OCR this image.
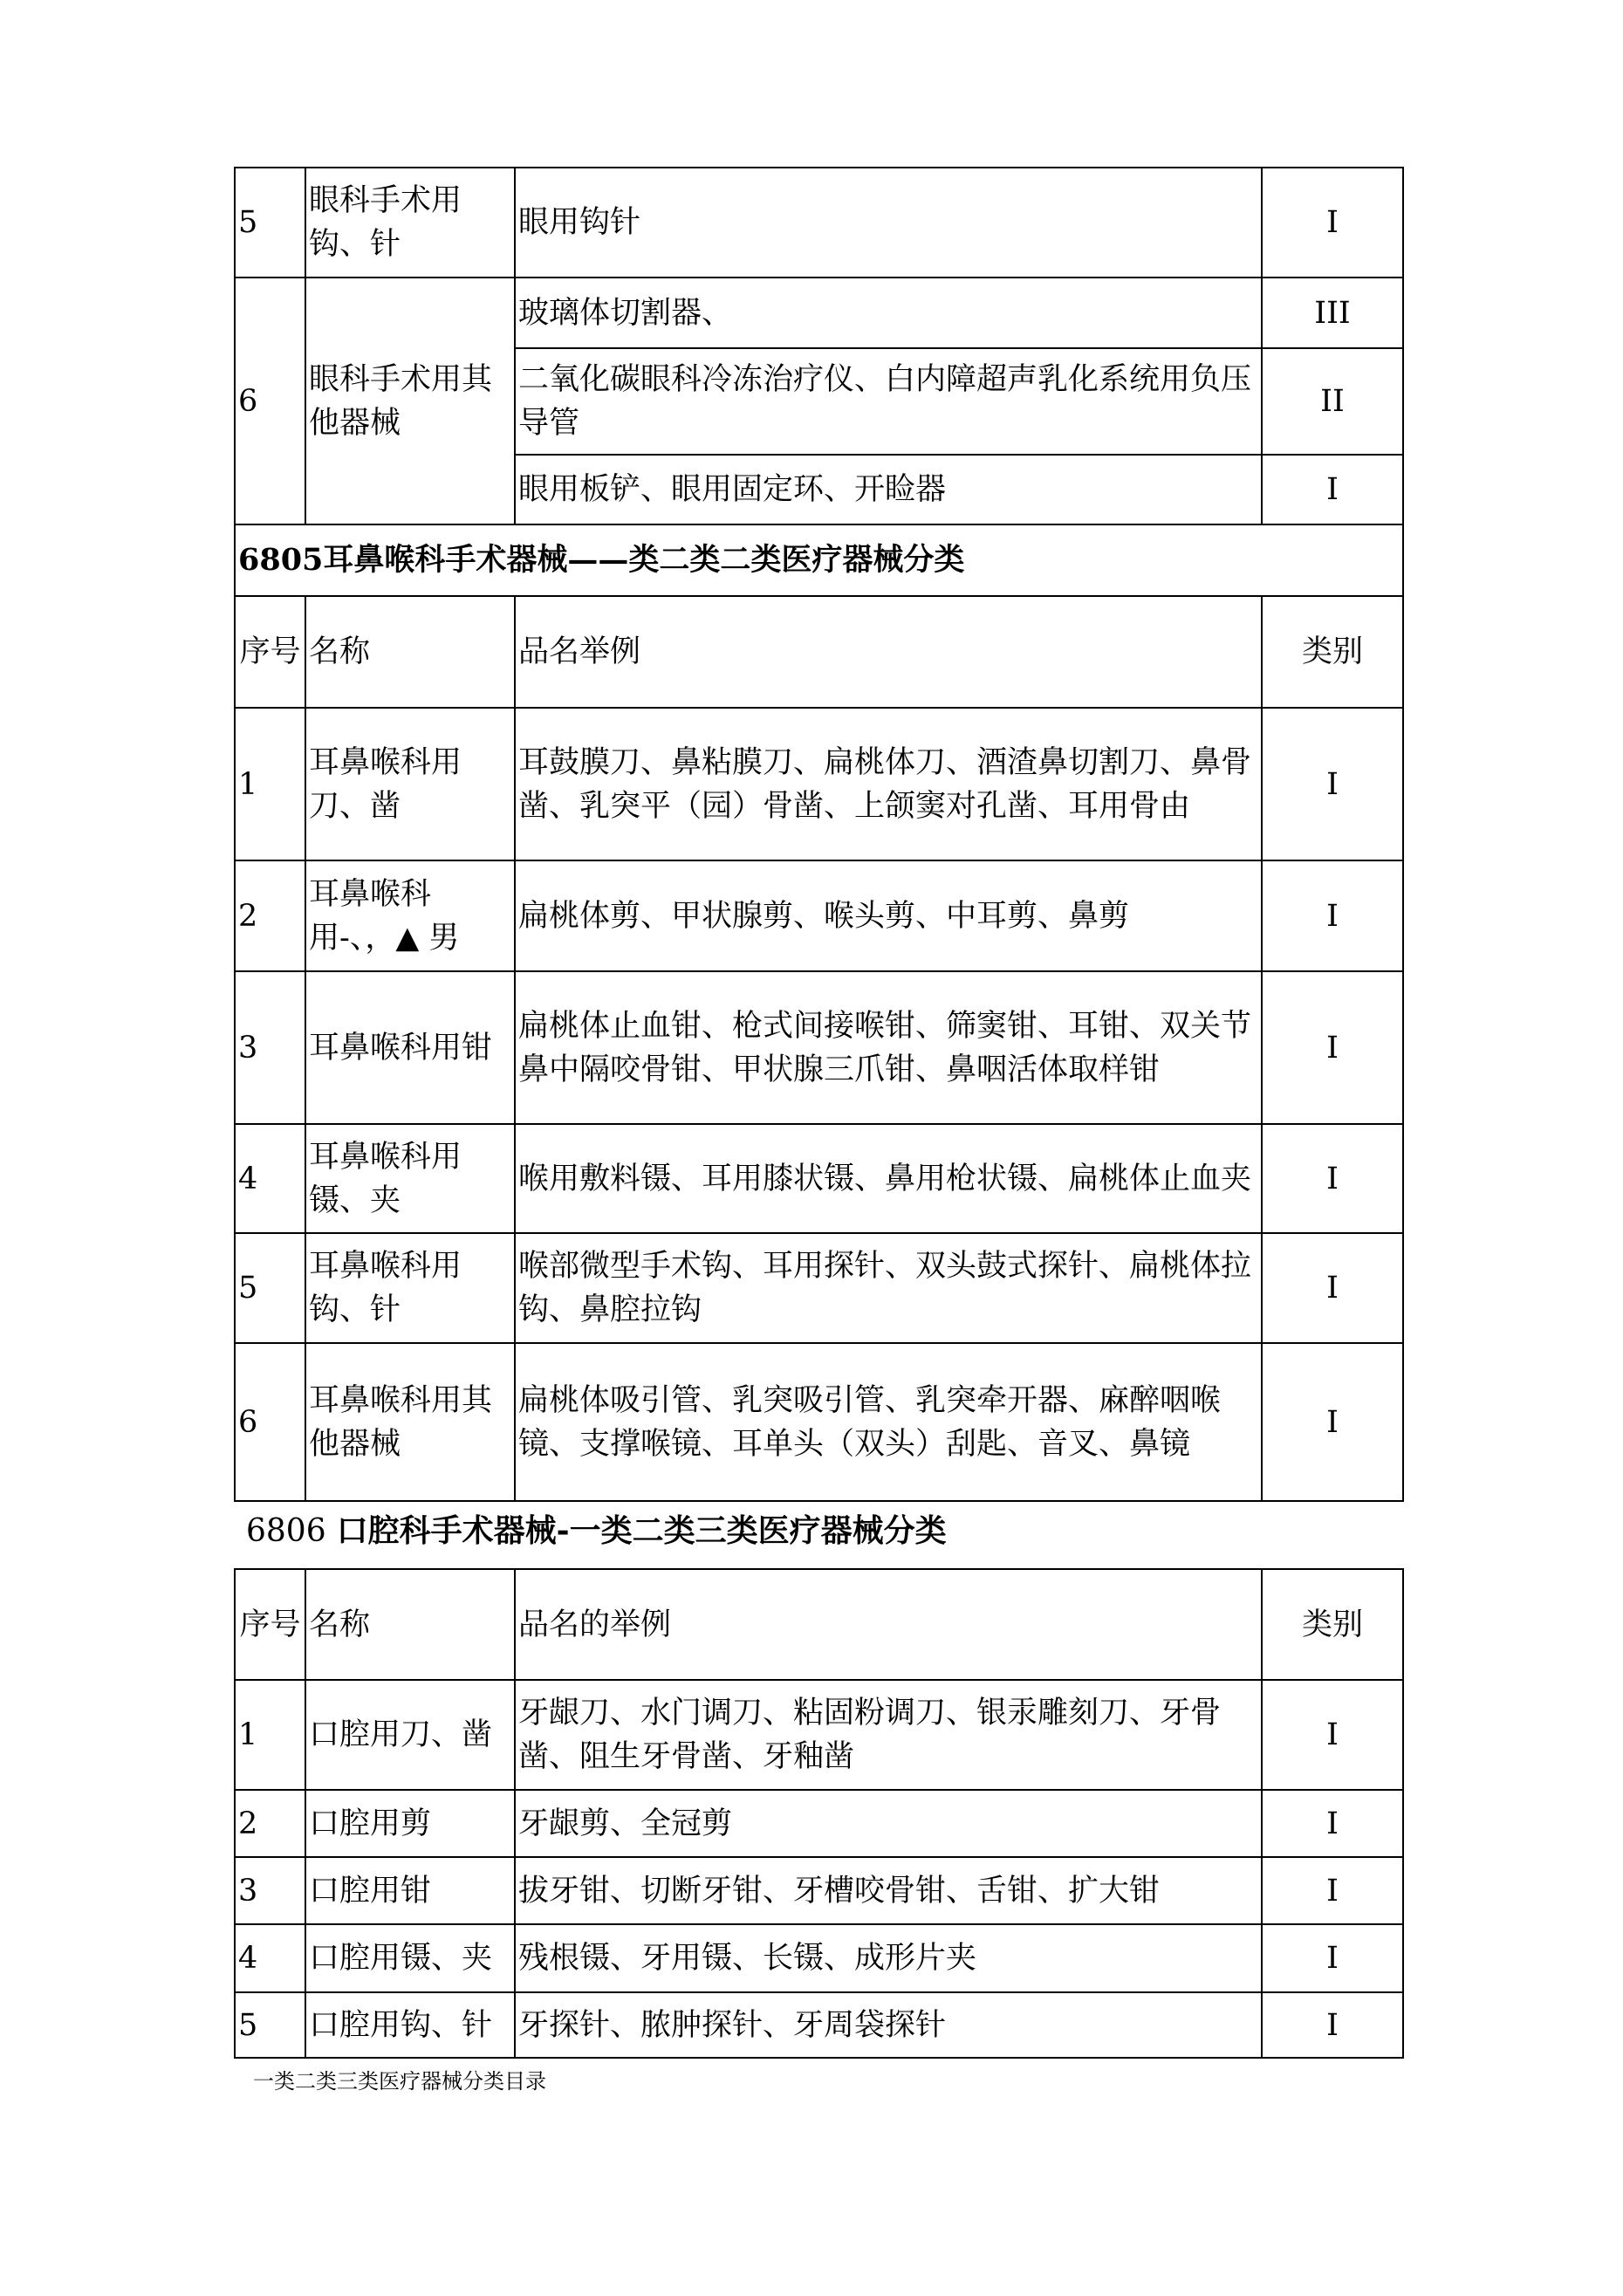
5	眼科手术用钩、针	眼用钩针	I
6	眼科手术用其他器械	玻璃体切割器、	III
		二氧化碳眼科冷冻治疗仪、白内障超声乳化系统用负压导管	II
		眼用板铲、眼用固定环、开睑器	I
6805耳鼻喉科手术器械——类二类二类医疗器械分类			
序号	名称	品名举例	类别
1	耳鼻喉科用刀、凿	耳鼓膜刀、鼻粘膜刀、扁桃体刀、酒渣鼻切割刀、鼻骨凿、乳突平（园）骨凿、上颌窦对孔凿、耳用骨由	I
2	耳鼻喉科用-、，▲ 男	扁桃体剪、甲状腺剪、喉头剪、中耳剪、鼻剪	I
3	耳鼻喉科用钳	扁桃体止血钳、枪式间接喉钳、筛窦钳、耳钳、双关节鼻中隔咬骨钳、甲状腺三爪钳、鼻咽活体取样钳	I
4	耳鼻喉科用镊、夹	喉用敷料镊、耳用膝状镊、鼻用枪状镊、扁桃体止血夹	I
5	耳鼻喉科用钩、针	喉部微型手术钩、耳用探针、双头鼓式探针、扁桃体拉钩、鼻腔拉钩	I
6	耳鼻喉科用其他器械	扁桃体吸引管、乳突吸引管、乳突牵开器、麻醉咽喉镜、支撑喉镜、耳单头（双头）刮匙、音叉、鼻镜	I
6806 口腔科手术器械-一类二类三类医疗器械分类
序号	名称	品名的举例	类别
1	口腔用刀、凿	牙龈刀、水门调刀、粘固粉调刀、银汞雕刻刀、牙骨凿、阻生牙骨凿、牙釉凿	I
2	口腔用剪	牙龈剪、全冠剪	I
3	口腔用钳	拔牙钳、切断牙钳、牙槽咬骨钳、舌钳、扩大钳	I
4	口腔用镊、夹	残根镊、牙用镊、长镊、成形片夹	I
5	口腔用钩、针	牙探针、脓肿探针、牙周袋探针	I
一类二类三类医疗器械分类目录
